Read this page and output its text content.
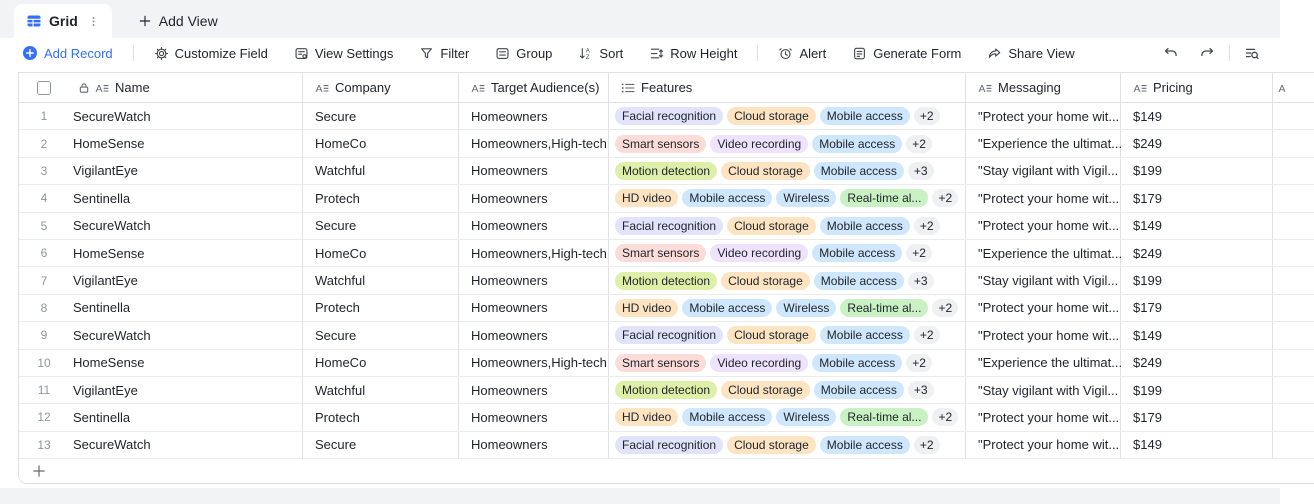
Grid	Add View
Add Record	Customize Field	View Settings	Filter	Group	A
Z Sort	Row Height	Alert	Generate Form	Share View
A Name	A Company	A Target Audience(s)	Features	A Messaging	A Pricing	A
1 SecureWatch	Secure	Homeowners	Facial recognition	Cloud storage	Mobile access	+2	"Protect your home wit... $149
2 HomeSense	HomeCo	Homeowners,High-tech	Smart sensors	Video recording	Mobile access	+2	"Experience the ultimat... $249
3 VigilantEye	Watchful	Homeowners	Motion detection	Cloud storage	Mobile access	+3	"Stay vigilant with Vigil... $199
4 Sentinella	Protech	Homeowners	HD video	Mobile access	Wireless	Real-time al...	+2	"Protect your home wit... $179
5 SecureWatch	Secure	Homeowners	Facial recognition	Cloud storage	Mobile access	+2	"Protect your home wit... $149
6 HomeSense	HomeCo	Homeowners,High-tech	Smart sensors	Video recording	Mobile access	+2	"Experience the ultimat... $249
7 VigilantEye	Watchful	Homeowners	Motion detection	Cloud storage	Mobile access	+3	"Stay vigilant with Vigil... $199
8 Sentinella	Protech	Homeowners	HD video	Mobile access	Wireless	Real-time al...	+2	"Protect your home wit... $179
9 SecureWatch	Secure	Homeowners	Facial recognition	Cloud storage	Mobile access	+2	"Protect your home wit... $149
10 HomeSense	HomeCo	Homeowners,High-tech	Smart sensors	Video recording	Mobile access	+2	"Experience the ultimat... $249
11 VigilantEye	Watchful	Homeowners	Motion detection	Cloud storage	Mobile access	+3	"Stay vigilant with Vigil... $199
12 Sentinella	Protech	Homeowners	HD video	Mobile access	Wireless	Real-time al...	+2	"Protect your home wit... $179
13 SecureWatch	Secure	Homeowners	Facial recognition	Cloud storage	Mobile access	+2	"Protect your home wit... $149
